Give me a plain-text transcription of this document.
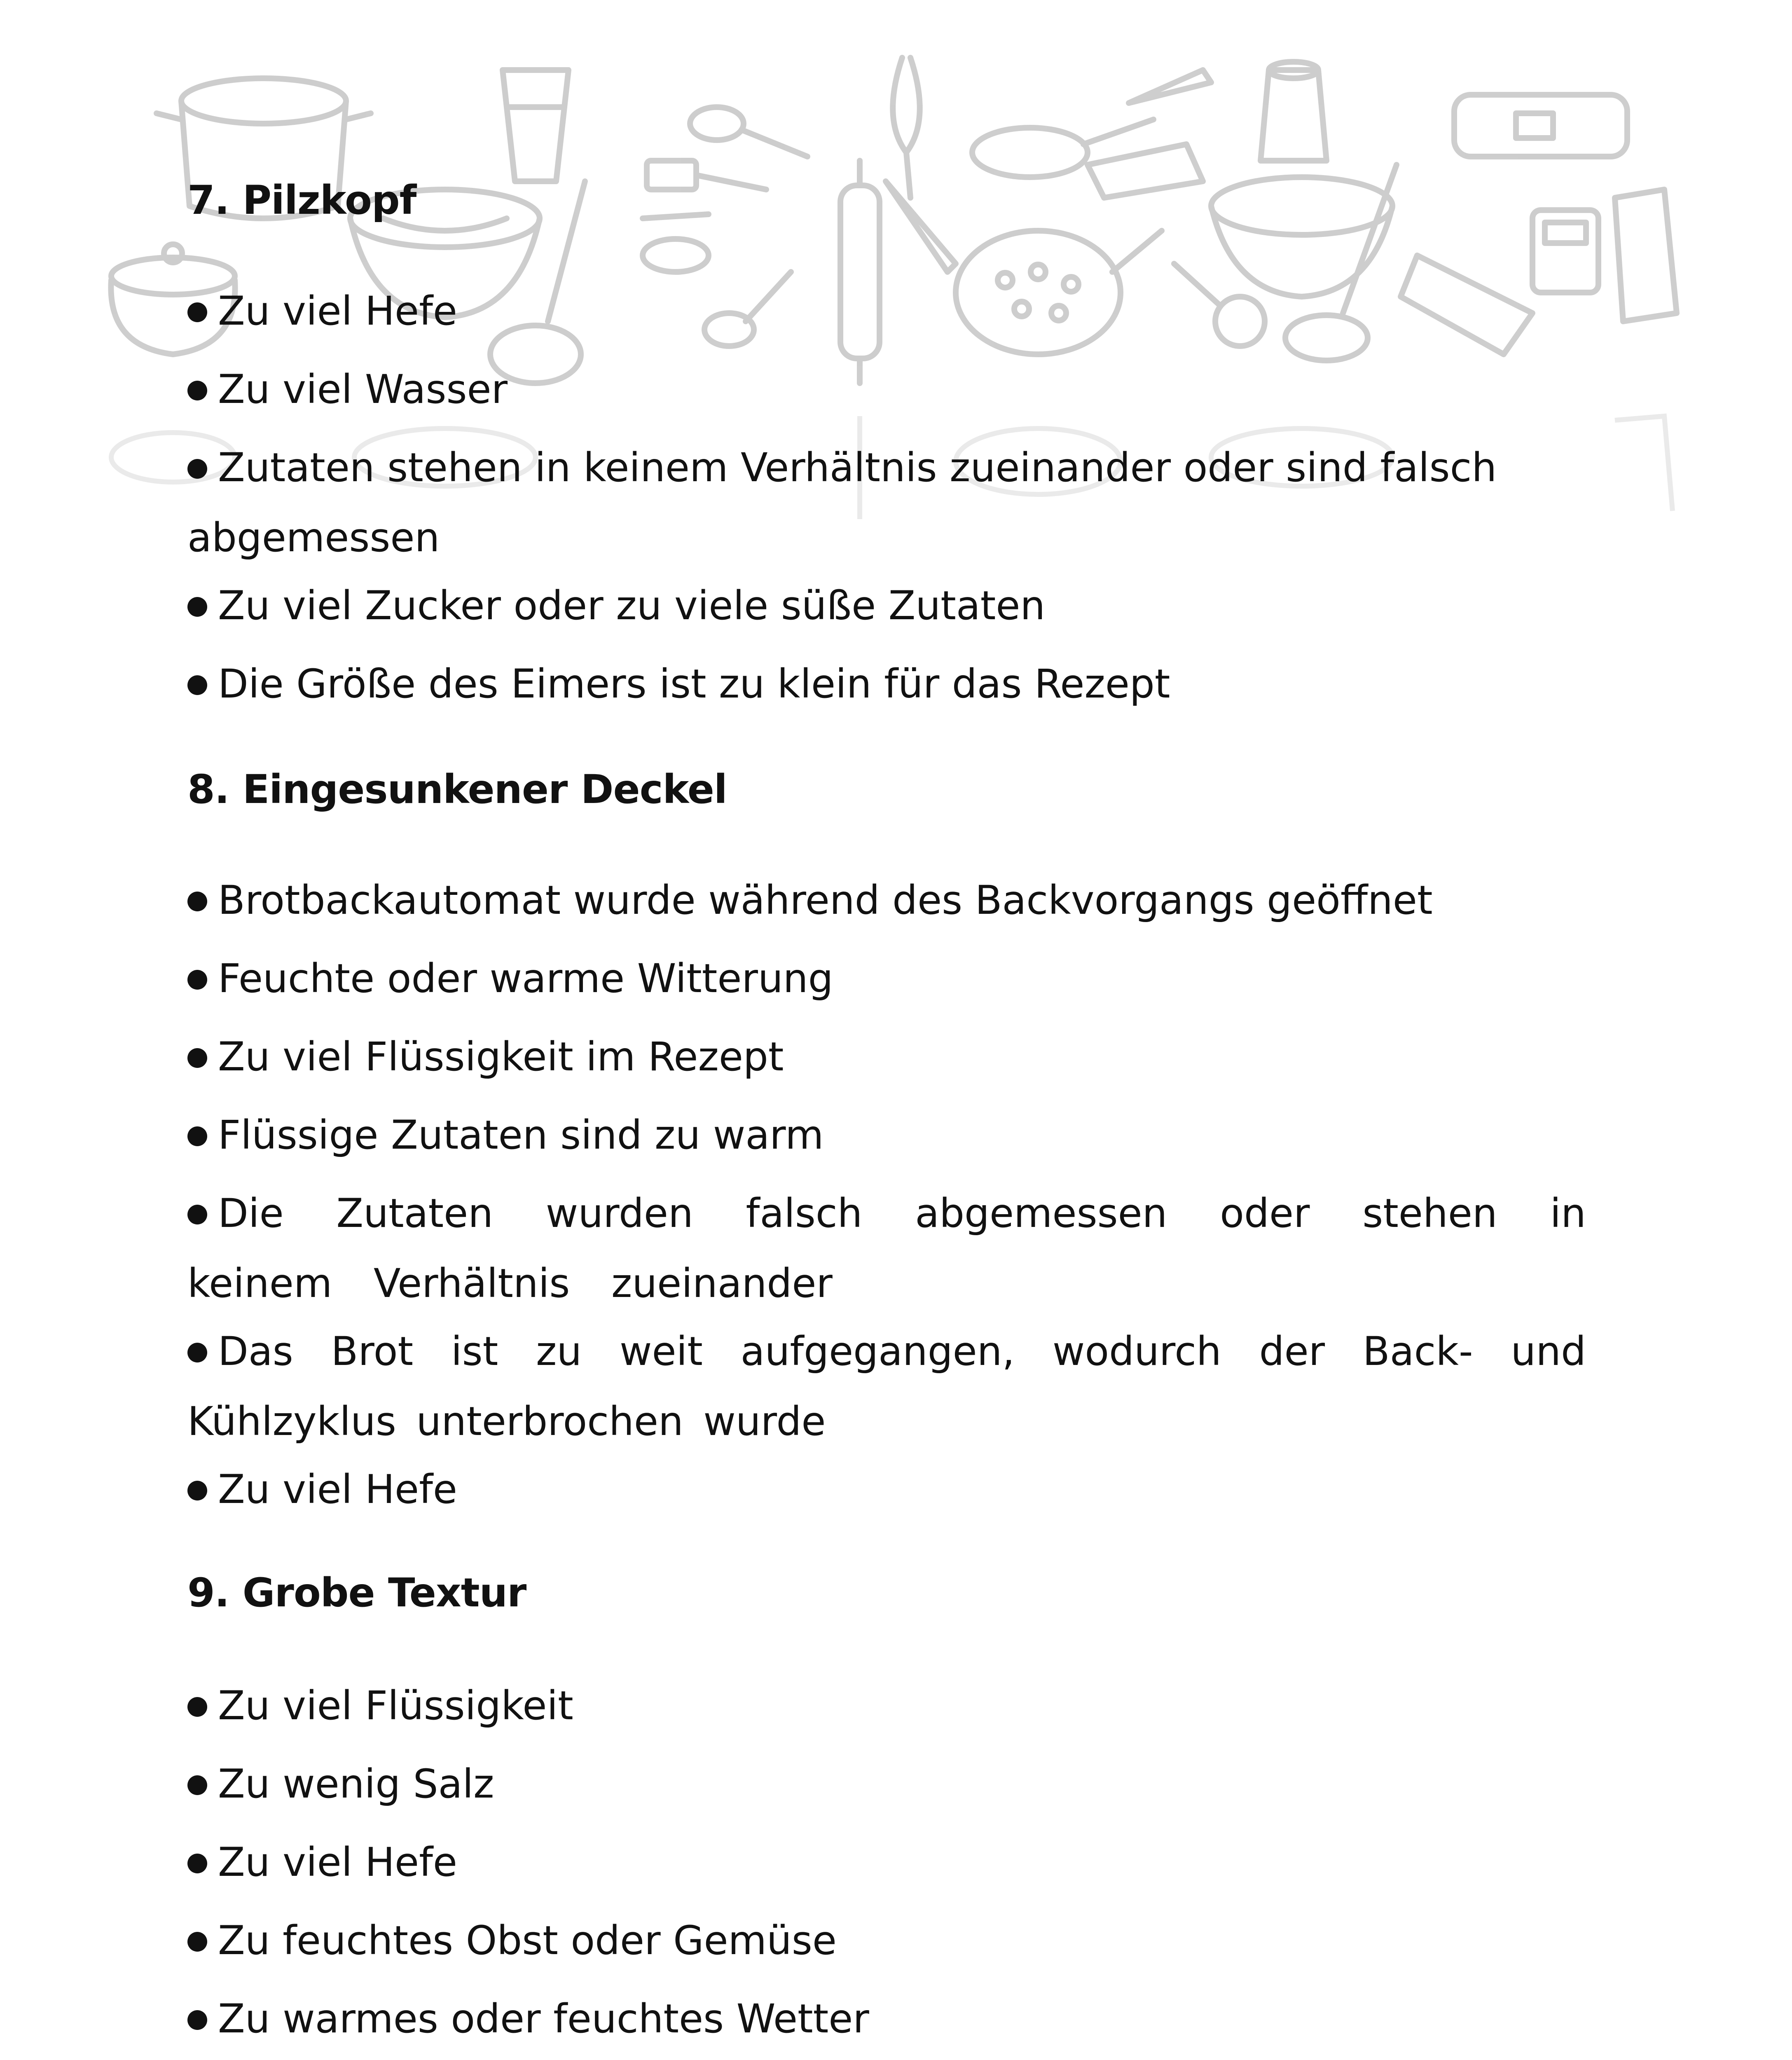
7. Pilzkopf
Zu viel Hefe
Zu viel Wasser
Zutaten stehen in keinem Verhältnis zueinander oder sind falsch abgemessen
Zu viel Zucker oder zu viele süße Zutaten
Die Größe des Eimers ist zu klein für das Rezept
8. Eingesunkener Deckel
Brotbackautomat wurde während des Backvorgangs geöffnet
Feuchte oder warme Witterung
Zu viel Flüssigkeit im Rezept
Flüssige Zutaten sind zu warm
Die Zutaten wurden falsch abgemessen oder stehen in keinem Verhältnis zueinander
Das Brot ist zu weit aufgegangen, wodurch der Back- und Kühlzyklus unterbrochen wurde
Zu viel Hefe
9. Grobe Textur
Zu viel Flüssigkeit
Zu wenig Salz
Zu viel Hefe
Zu feuchtes Obst oder Gemüse
Zu warmes oder feuchtes Wetter
